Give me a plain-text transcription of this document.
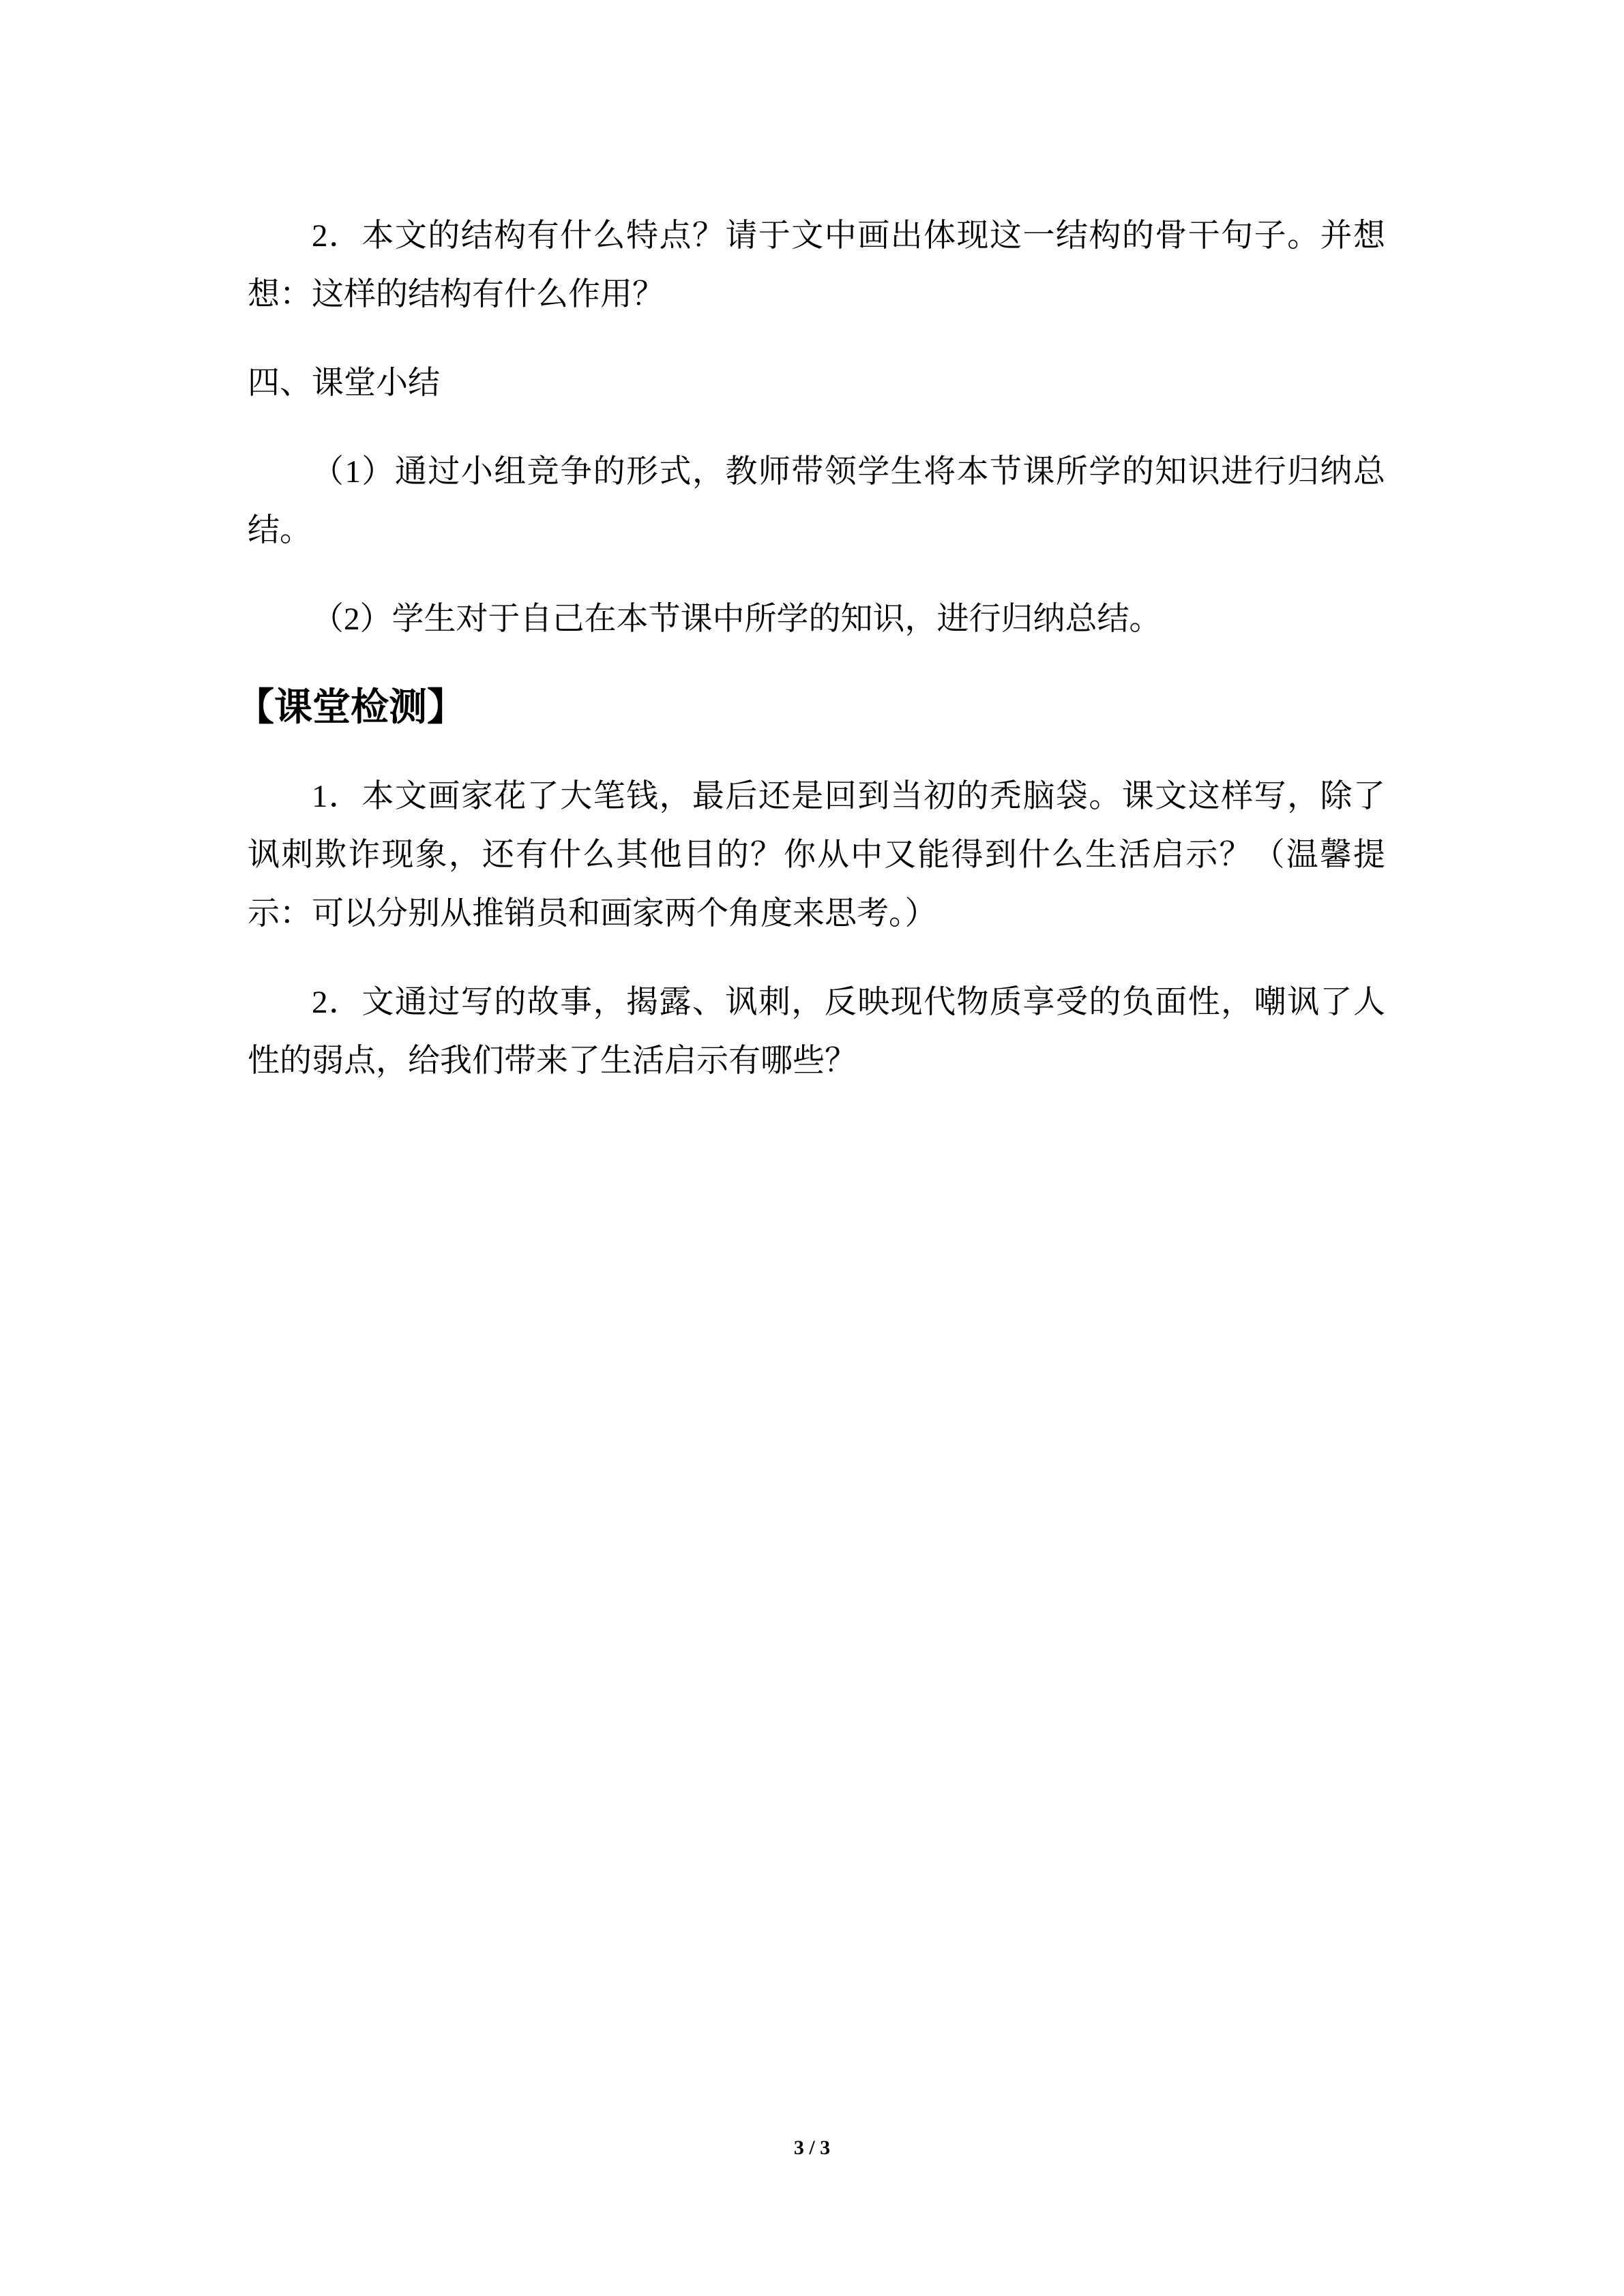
2．本文的结构有什么特点？请于文中画出体现这一结构的骨干句子。并想
想：这样的结构有什么作用？
四、课堂小结
（1）通过小组竞争的形式，教师带领学生将本节课所学的知识进行归纳总
结。
（2）学生对于自己在本节课中所学的知识，进行归纳总结。
【课堂检测】
1．本文画家花了大笔钱，最后还是回到当初的秃脑袋。课文这样写，除了
讽刺欺诈现象，还有什么其他目的？你从中又能得到什么生活启示？（温馨提
示：可以分别从推销员和画家两个角度来思考。）
2．文通过写的故事，揭露、讽刺，反映现代物质享受的负面性，嘲讽了人
性的弱点，给我们带来了生活启示有哪些？
3 / 3
